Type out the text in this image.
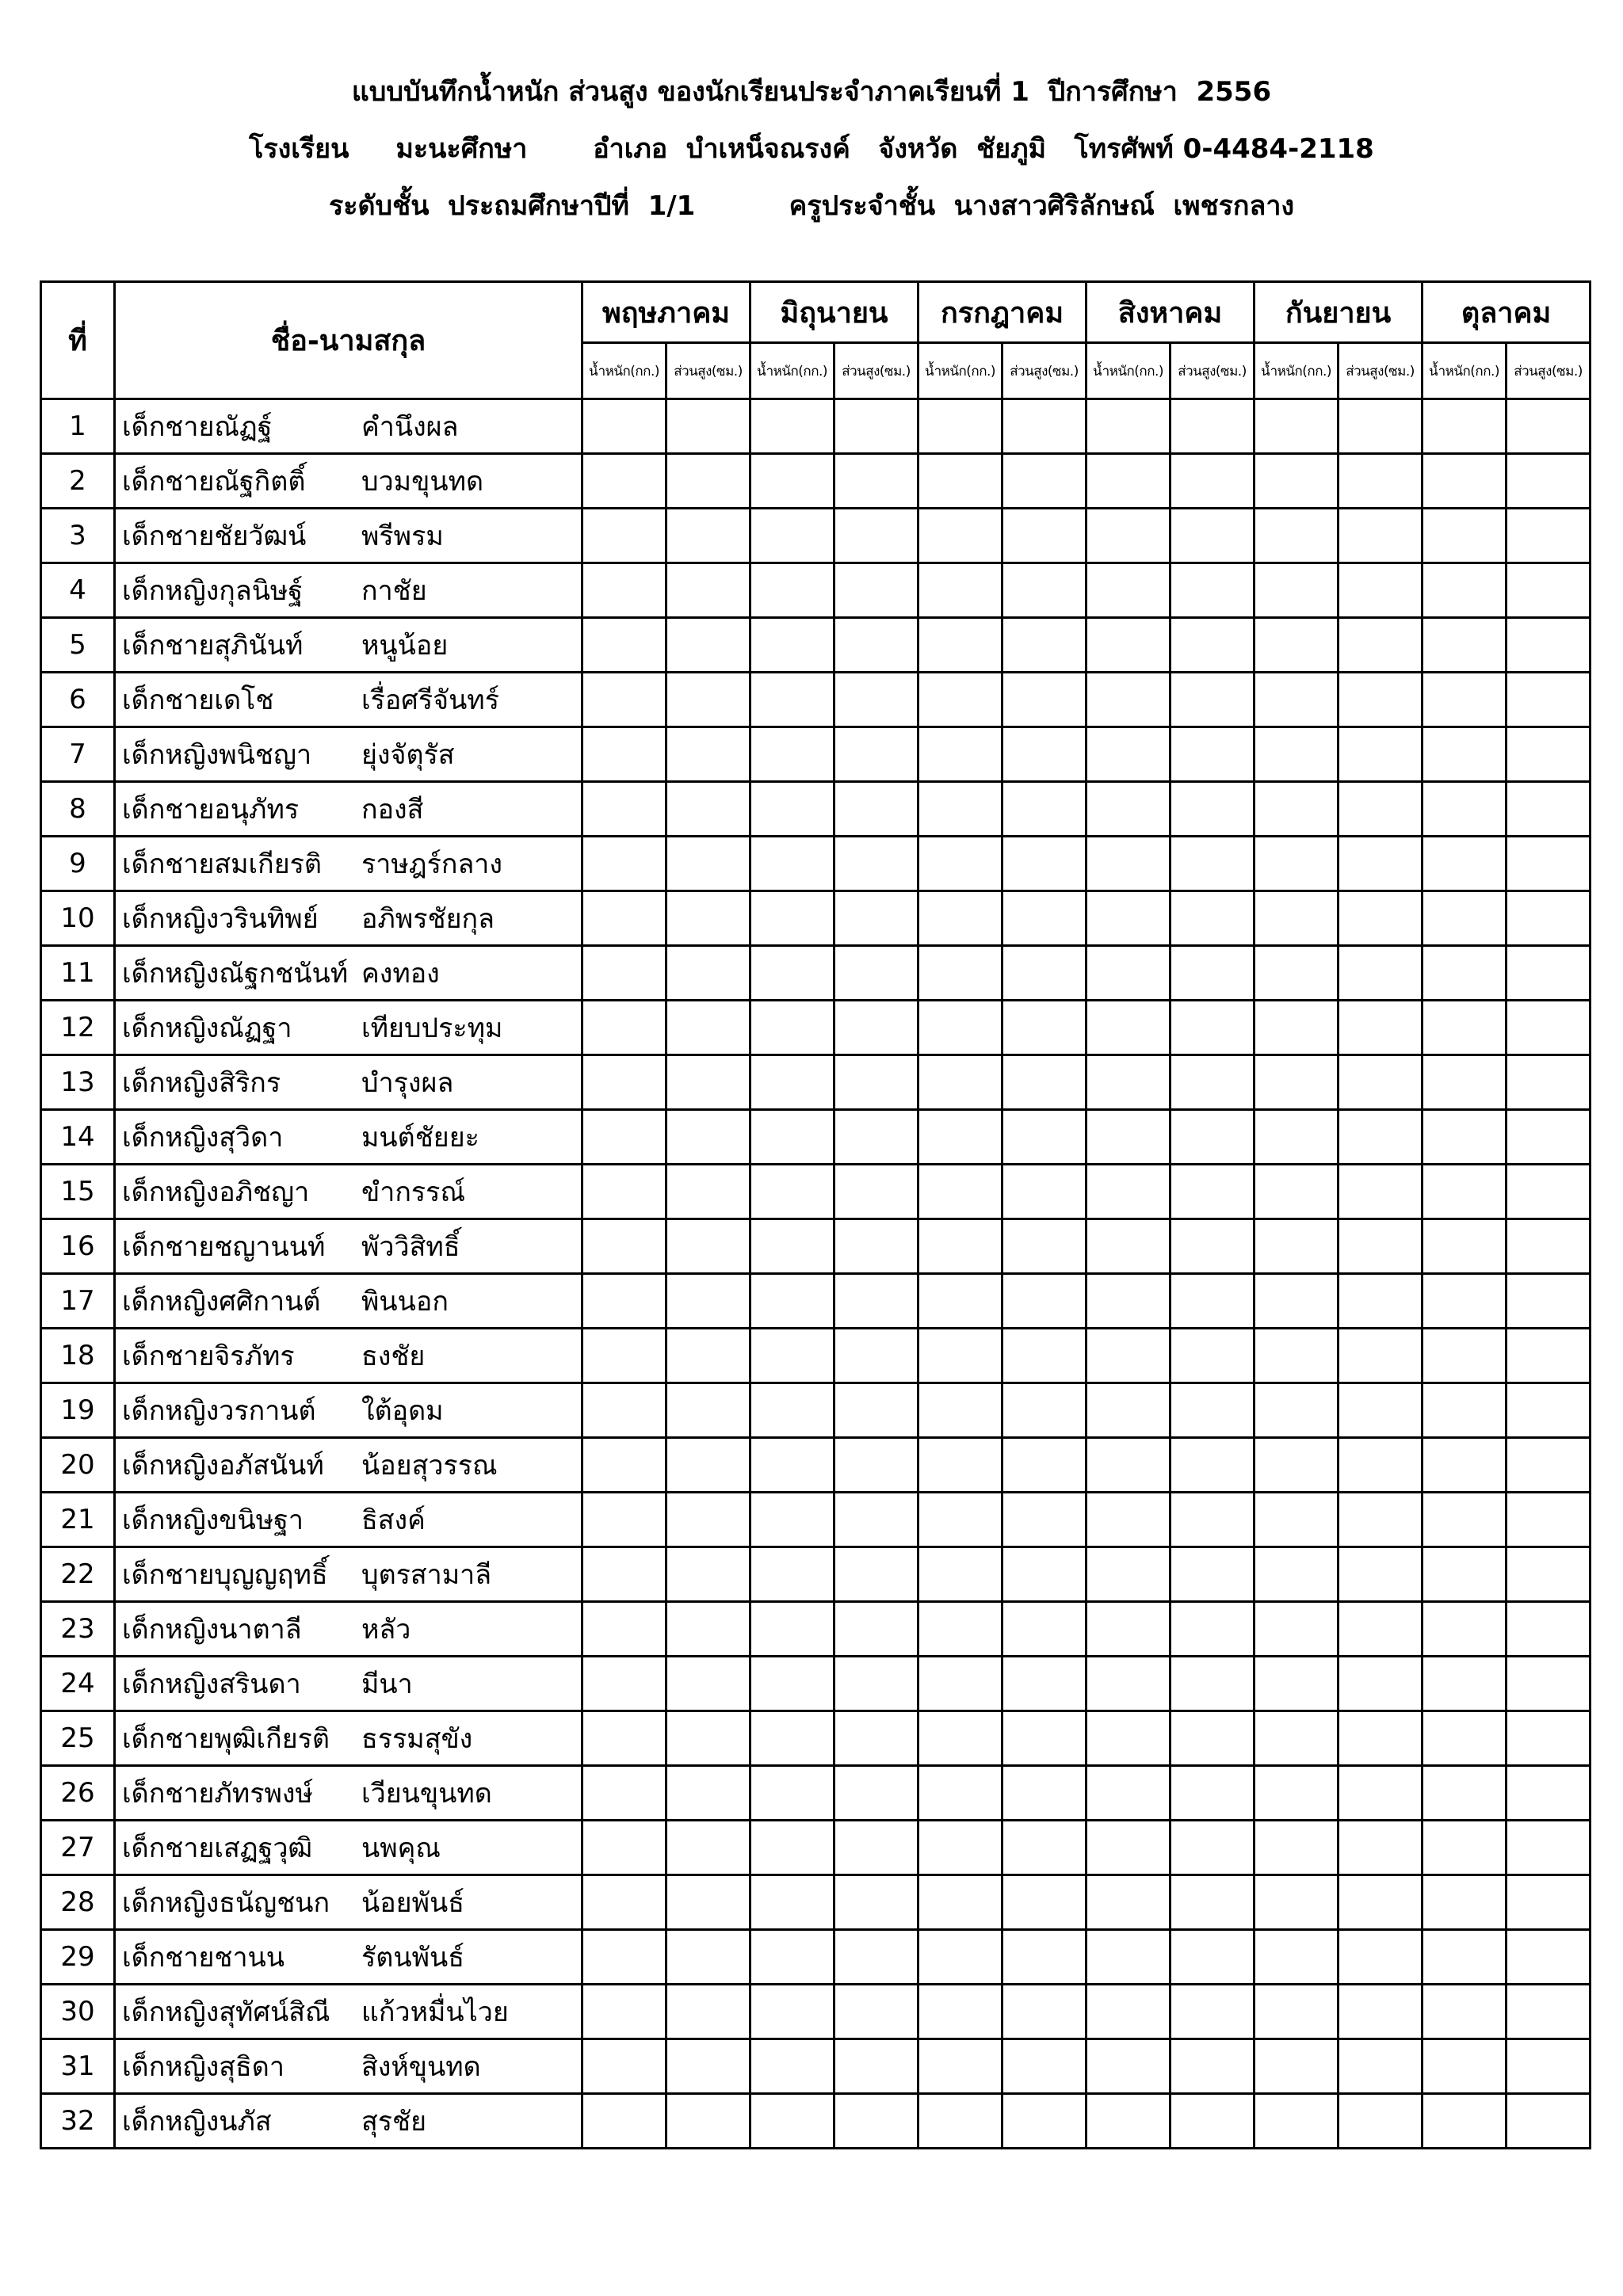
แบบบันทึกน้ำหนัก ส่วนสูง ของนักเรียนประจำภาคเรียนที่ 1  ปีการศึกษา  2556
โรงเรียน     มะนะศึกษา       อำเภอ  บำเหน็จณรงค์   จังหวัด  ชัยภูมิ   โทรศัพท์ 0-4484-2118
ระดับชั้น  ประถมศึกษาปีที่  1/1          ครูประจำชั้น  นางสาวศิริลักษณ์  เพชรกลาง
ที่	ชื่อ-นามสกุล	พฤษภาคม		มิถุนายน		กรกฎาคม		สิงหาคม		กันยายน		ตุลาคม	
		น้ำหนัก(กก.)	ส่วนสูง(ซม.)	น้ำหนัก(กก.)	ส่วนสูง(ซม.)	น้ำหนัก(กก.)	ส่วนสูง(ซม.)	น้ำหนัก(กก.)	ส่วนสูง(ซม.)	น้ำหนัก(กก.)	ส่วนสูง(ซม.)	น้ำหนัก(กก.)	ส่วนสูง(ซม.)
1	เด็กชายณัฏฐ์ คำนึงผล												
2	เด็กชายณัฐกิตติ์ บวมขุนทด												
3	เด็กชายชัยวัฒน์ พรีพรม												
4	เด็กหญิงกุลนิษฐ์ กาชัย												
5	เด็กชายสุภินันท์ หนูน้อย												
6	เด็กชายเดโช เรื่อศรีจันทร์												
7	เด็กหญิงพนิชญา ยุ่งจัตุรัส												
8	เด็กชายอนุภัทร กองสี												
9	เด็กชายสมเกียรติ ราษฎร์กลาง												
10	เด็กหญิงวรินทิพย์ อภิพรชัยกุล												
11	เด็กหญิงณัฐกชนันท์ คงทอง												
12	เด็กหญิงณัฏฐา เทียบประทุม												
13	เด็กหญิงสิริกร บำรุงผล												
14	เด็กหญิงสุวิดา มนต์ชัยยะ												
15	เด็กหญิงอภิชญา ขำกรรณ์												
16	เด็กชายชญานนท์ พัววิสิทธิ์												
17	เด็กหญิงศศิกานต์ พินนอก												
18	เด็กชายจิรภัทร ธงชัย												
19	เด็กหญิงวรกานต์ ใต้อุดม												
20	เด็กหญิงอภัสนันท์ น้อยสุวรรณ												
21	เด็กหญิงขนิษฐา ธิสงค์												
22	เด็กชายบุญญฤทธิ์ บุตรสามาลี												
23	เด็กหญิงนาตาลี หลัว												
24	เด็กหญิงสรินดา มีนา												
25	เด็กชายพุฒิเกียรติ ธรรมสุขัง												
26	เด็กชายภัทรพงษ์ เวียนขุนทด												
27	เด็กชายเสฏฐวุฒิ นพคุณ												
28	เด็กหญิงธนัญชนก น้อยพันธ์												
29	เด็กชายชานน รัตนพันธ์												
30	เด็กหญิงสุทัศน์สิณี แก้วหมื่นไวย												
31	เด็กหญิงสุธิดา สิงห์ขุนทด												
32	เด็กหญิงนภัส สุรชัย												
